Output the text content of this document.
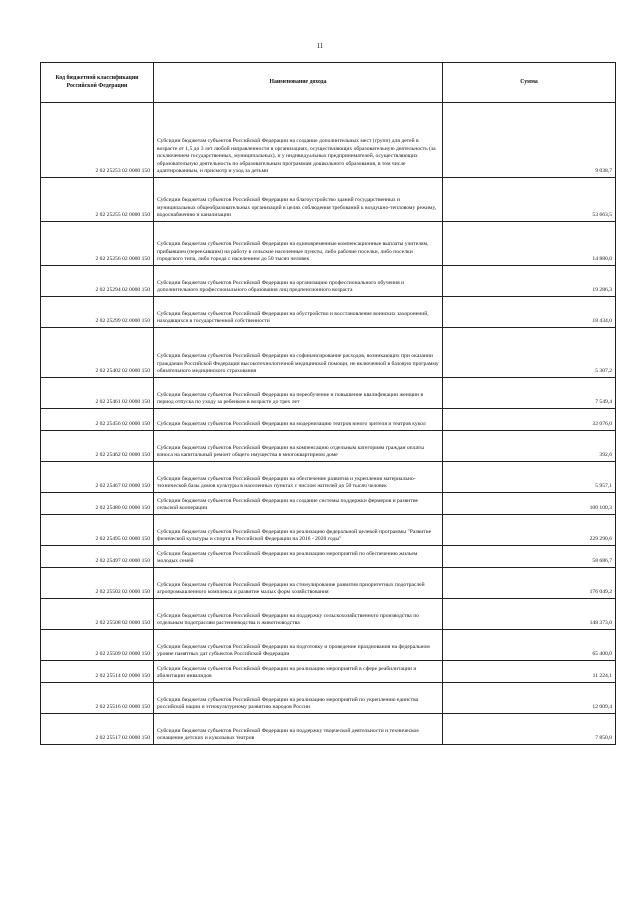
11
Код бюджетной классификации Российской Федерации	Наименование дохода	Сумма
2 02 25253 02 0000 150	Субсидии бюджетам субъектов Российской Федерации на создание дополнительных мест (групп) для детей в возрасте от 1,5 до 3 лет любой направленности в организациях, осуществляющих образовательную деятельность (за исключением государственных, муниципальных), и у индивидуальных предпринимателей, осуществляющих образовательную деятельность по образовательным программам дошкольного образования, в том числе адаптированным, и присмотр и уход за детьми	9 038,7
2 02 25255 02 0000 150	Субсидии бюджетам субъектов Российской Федерации на благоустройство зданий государственных и муниципальных общеобразовательных организаций в целях соблюдения требований к воздушно-тепловому режиму, водоснабжению и канализации	53 663,5
2 02 25256 02 0000 150	Субсидии бюджетам субъектов Российской Федерации на единовременные компенсационные выплаты учителям, прибывшим (переехавшим) на работу в сельские населенные пункты, либо рабочие поселки, либо поселки городского типа, либо города с населением до 50 тысяч человек	14 880,0
2 02 25294 02 0000 150	Субсидии бюджетам субъектов Российской Федерации на организацию профессионального обучения и дополнительного профессионального образования лиц предпенсионного возраста	19 286,3
2 02 25299 02 0000 150	Субсидии бюджетам субъектов Российской Федерации на обустройство и восстановление воинских захоронений, находящихся в государственной собственности	18 434,0
2 02 25402 02 0000 150	Субсидии бюджетам субъектов Российской Федерации на софинансирование расходов, возникающих при оказании гражданам Российской Федерации высокотехнологичной медицинской помощи, не включенной в базовую программу обязательного медицинского страхования	5 307,2
2 02 25461 02 0000 150	Субсидии бюджетам субъектов Российской Федерации на переобучение и повышение квалификации женщин в период отпуска по уходу за ребенком в возрасте до трех лет	7 549,4
2 02 25456 02 0000 150	Субсидии бюджетам субъектов Российской Федерации на модернизацию театров юного зрителя и театров кукол	32 076,0
2 02 25462 02 0000 150	Субсидии бюджетам субъектов Российской Федерации на компенсацию отдельным категориям граждан оплаты взноса на капитальный ремонт общего имущества в многоквартирном доме	392,6
2 02 25467 02 0000 150	Субсидии бюджетам субъектов Российской Федерации на обеспечение развития и укрепления материально-технической базы домов культуры в населенных пунктах с числом жителей до 50 тысяч человек	5 957,1
2 02 25480 02 0000 150	Субсидии бюджетам субъектов Российской Федерации на создание системы поддержки фермеров и развитие сельской кооперации	100 100,3
2 02 25495 02 0000 150	Субсидии бюджетам субъектов Российской Федерации на реализацию федеральной целевой программы "Развитие физической культуры и спорта в Российской Федерации на 2016 - 2020 годы"	229 290,6
2 02 25497 02 0000 150	Субсидии бюджетам субъектов Российской Федерации на реализацию мероприятий по обеспечению жильем молодых семей	58 686,7
2 02 25502 02 0000 150	Субсидии бюджетам субъектов Российской Федерации на стимулирование развития приоритетных подотраслей агропромышленного комплекса и развитие малых форм хозяйствования	176 049,2
2 02 25508 02 0000 150	Субсидии бюджетам субъектов Российской Федерации на поддержку сельскохозяйственного производства по отдельным подотраслям растениеводства и животноводства	148 373,0
2 02 25509 02 0000 150	Субсидии бюджетам субъектов Российской Федерации на подготовку и проведение празднования на федеральном уровне памятных дат субъектов Российской Федерации	65 400,0
2 02 25514 02 0000 150	Субсидии бюджетам субъектов Российской Федерации на реализацию мероприятий в сфере реабилитации и абилитации инвалидов	11 224,1
2 02 25516 02 0000 150	Субсидии бюджетам субъектов Российской Федерации на реализацию мероприятий по укреплению единства российской нации и этнокультурному развитию народов России	12 009,4
2 02 25517 02 0000 150	Субсидии бюджетам субъектов Российской Федерации на поддержку творческой деятельности и техническое оснащение детских и кукольных театров	7 850,0
